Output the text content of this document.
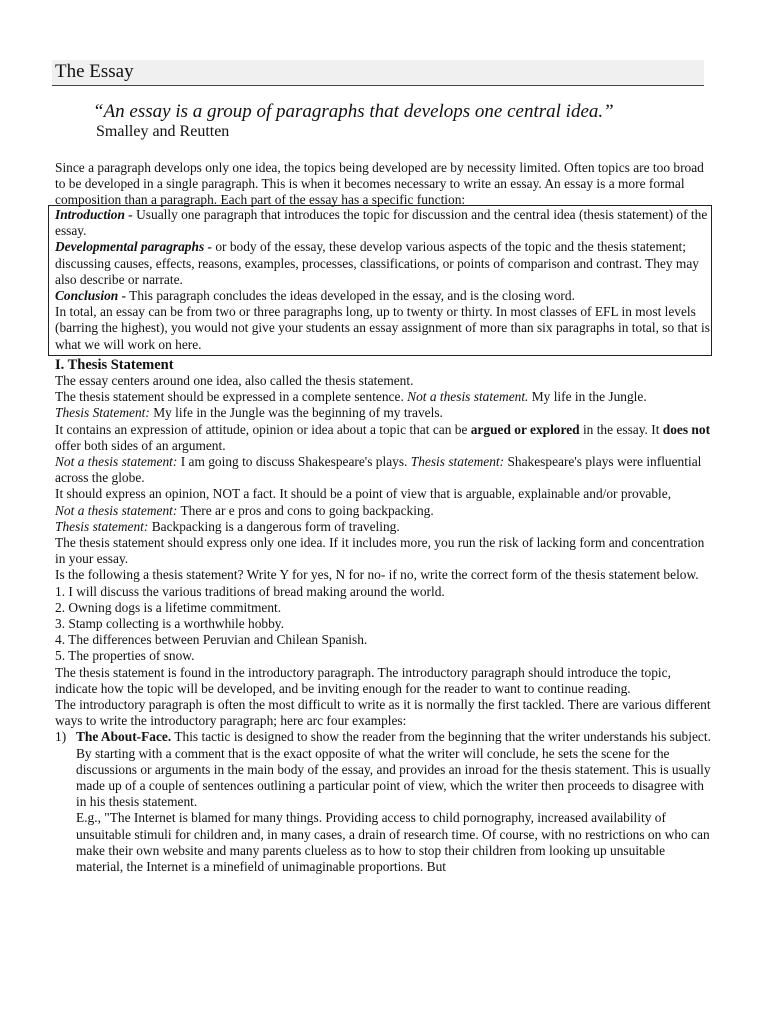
The Essay
“An essay is a group of paragraphs that develops one central idea.”
Smalley and Reutten

Since a paragraph develops only one idea, the topics being developed are by necessity limited. Often topics are too broad to be developed in a single paragraph. This is when it becomes necessary to write an essay. An essay is a more formal composition than a paragraph. Each part of the essay has a specific function:

Introduction - Usually one paragraph that introduces the topic for discussion and the central idea (thesis statement) of the essay.

Developmental paragraphs - or body of the essay, these develop various aspects of the topic and the thesis statement; discussing causes, effects, reasons, examples, processes, classifications, or points of comparison and contrast. They may also describe or narrate.

Conclusion - This paragraph concludes the ideas developed in the essay, and is the closing word.

In total, an essay can be from two or three paragraphs long, up to twenty or thirty. In most classes of EFL in most levels (barring the highest), you would not give your students an essay assignment of more than six paragraphs in total, so that is what we will work on here.

I. Thesis Statement

The essay centers around one idea, also called the thesis statement.

The thesis statement should be expressed in a complete sentence. Not a thesis statement. My life in the Jungle.

Thesis Statement: My life in the Jungle was the beginning of my travels.

It contains an expression of attitude, opinion or idea about a topic that can be argued or explored in the essay. It does not offer both sides of an argument.

Not a thesis statement: I am going to discuss Shakespeare's plays. Thesis statement: Shakespeare's plays were influential across the globe.

It should express an opinion, NOT a fact. It should be a point of view that is arguable, explainable and/or provable,

Not a thesis statement: There ar e pros and cons to going backpacking.

Thesis statement: Backpacking is a dangerous form of traveling.

The thesis statement should express only one idea. If it includes more, you run the risk of lacking form and concentration in your essay.

Is the following a thesis statement? Write Y for yes, N for no- if no, write the correct form of the thesis statement below.

1. I will discuss the various traditions of bread making around the world.

2. Owning dogs is a lifetime commitment.

3. Stamp collecting is a worthwhile hobby.

4. The differences between Peruvian and Chilean Spanish.

5. The properties of snow.

The thesis statement is found in the introductory paragraph. The introductory paragraph should introduce the topic, indicate how the topic will be developed, and be inviting enough for the reader to want to continue reading.

The introductory paragraph is often the most difficult to write as it is normally the first tackled. There are various different ways to write the introductory paragraph; here arc four examples:

1) The About-Face. This tactic is designed to show the reader from the beginning that the writer understands his subject. By starting with a comment that is the exact opposite of what the writer will conclude, he sets the scene for the discussions or arguments in the main body of the essay, and provides an inroad for the thesis statement. This is usually made up of a couple of sentences outlining a particular point of view, which the writer then proceeds to disagree with in his thesis statement.

E.g., "The Internet is blamed for many things. Providing access to child pornography, increased availability of unsuitable stimuli for children and, in many cases, a drain of research time. Of course, with no restrictions on who can make their own website and many parents clueless as to how to stop their children from looking up unsuitable material, the Internet is a minefield of unimaginable proportions. But
